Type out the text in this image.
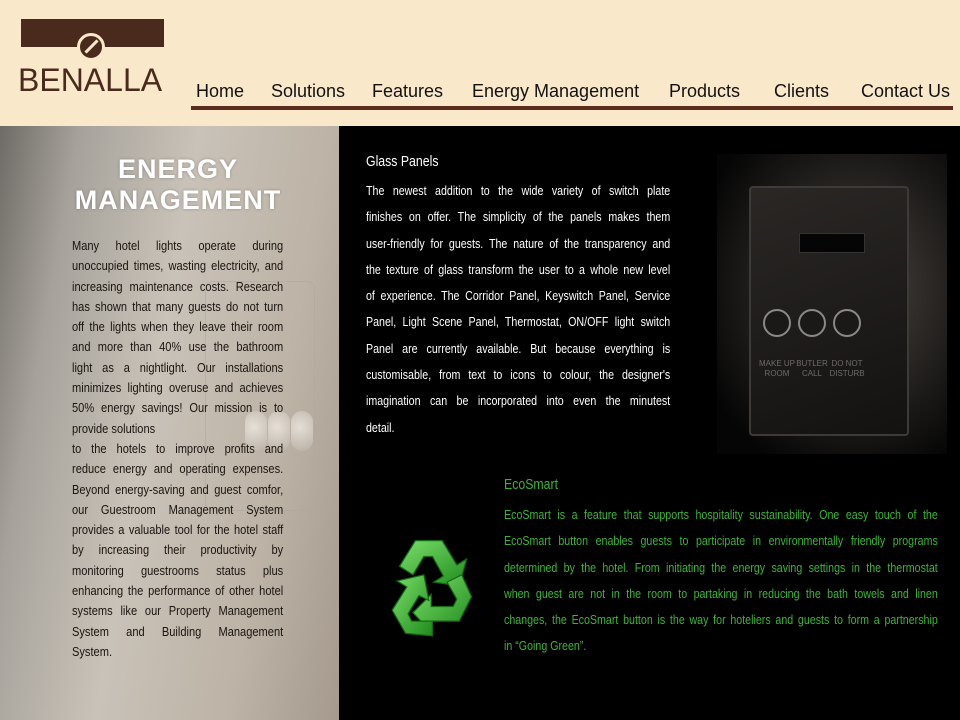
BENALLA Home Solutions Features Energy Management Products Clients Contact Us
ENERGY
MANAGEMENT
Many hotel lights operate during
unoccupied times, wasting electricity, and
increasing maintenance costs. Research
has shown that many guests do not turn
off the lights when they leave their room
and more than 40% use the bathroom
light as a nightlight. Our installations
minimizes lighting overuse and achieves
50% energy savings! Our mission is to
provide solutions
to the hotels to improve profits and
reduce energy and operating expenses.
Beyond energy-saving and guest comfor,
our Guestroom Management System
provides a valuable tool for the hotel staff
by increasing their productivity by
monitoring guestrooms status plus
enhancing the performance of other hotel
systems like our Property Management
System and Building Management
System.
MAKE UP ROOM
BUTLER CALL
DO NOT DISTURB
Glass Panels
The newest addition to the wide variety of switch plate
finishes on offer. The simplicity of the panels makes them
user-friendly for guests. The nature of the transparency and
the texture of glass transform the user to a whole new level
of experience. The Corridor Panel, Keyswitch Panel, Service
Panel, Light Scene Panel, Thermostat, ON/OFF light switch
Panel are currently available. But because everything is
customisable, from text to icons to colour, the designer's
imagination can be incorporated into even the minutest
detail.
EcoSmart
EcoSmart is a feature that supports hospitality sustainability. One easy touch of the
EcoSmart button enables guests to participate in environmentally friendly programs
determined by the hotel. From initiating the energy saving settings in the thermostat
when guest are not in the room to partaking in reducing the bath towels and linen
changes, the EcoSmart button is the way for hoteliers and guests to form a partnership
in “Going Green”.
